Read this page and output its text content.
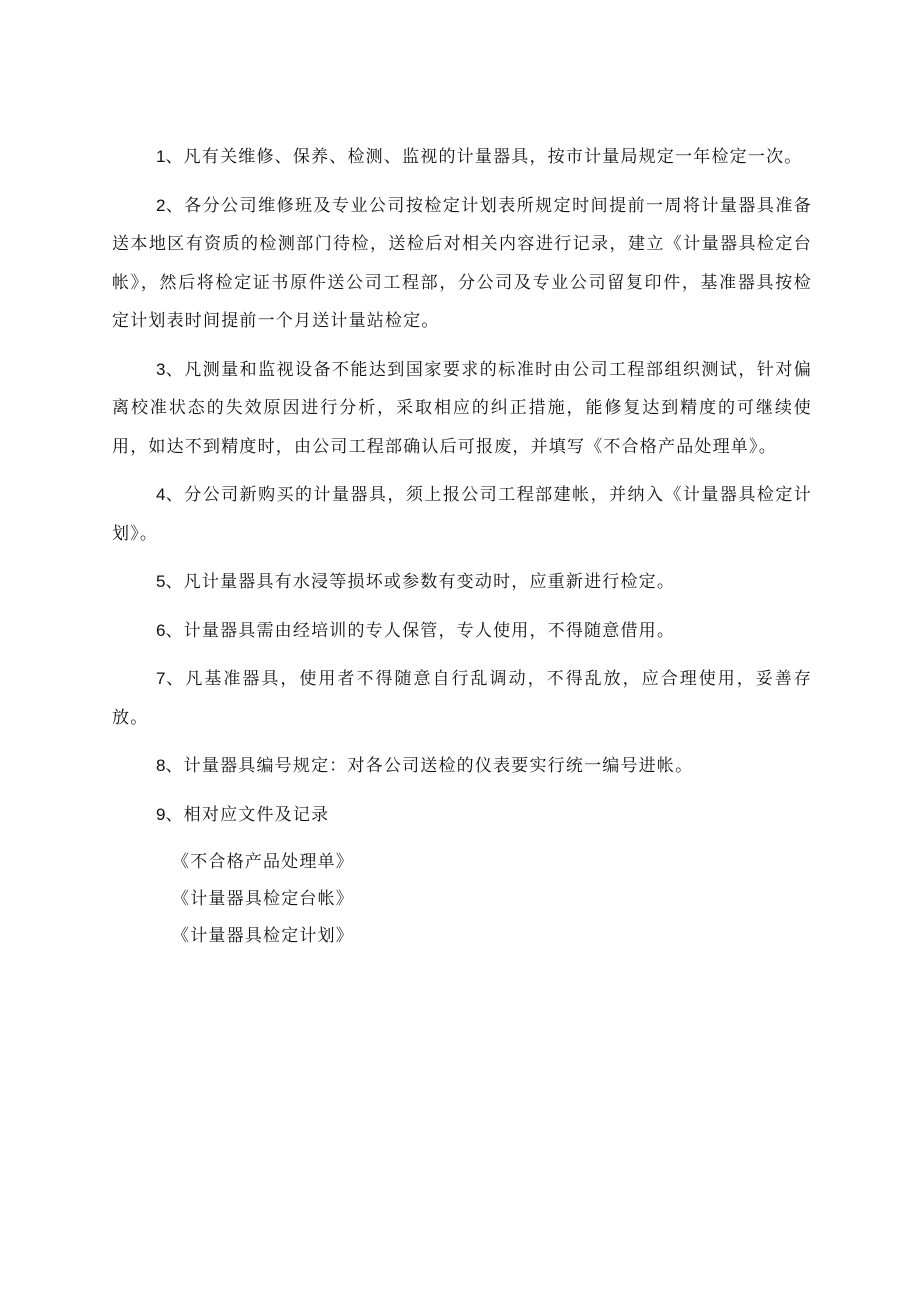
1、凡有关维修、保养、检测、监视的计量器具，按市计量局规定一年检定一次。

2、各分公司维修班及专业公司按检定计划表所规定时间提前一周将计量器具准备送本地区有资质的检测部门待检，送检后对相关内容进行记录，建立《计量器具检定台帐》，然后将检定证书原件送公司工程部，分公司及专业公司留复印件，基准器具按检定计划表时间提前一个月送计量站检定。

3、凡测量和监视设备不能达到国家要求的标准时由公司工程部组织测试，针对偏离校准状态的失效原因进行分析，采取相应的纠正措施，能修复达到精度的可继续使用，如达不到精度时，由公司工程部确认后可报废，并填写《不合格产品处理单》。

4、分公司新购买的计量器具，须上报公司工程部建帐，并纳入《计量器具检定计划》。

5、凡计量器具有水浸等损坏或参数有变动时，应重新进行检定。

6、计量器具需由经培训的专人保管，专人使用，不得随意借用。

7、凡基准器具，使用者不得随意自行乱调动，不得乱放，应合理使用，妥善存放。

8、计量器具编号规定：对各公司送检的仪表要实行统一编号进帐。

9、相对应文件及记录

《不合格产品处理单》

《计量器具检定台帐》

《计量器具检定计划》
